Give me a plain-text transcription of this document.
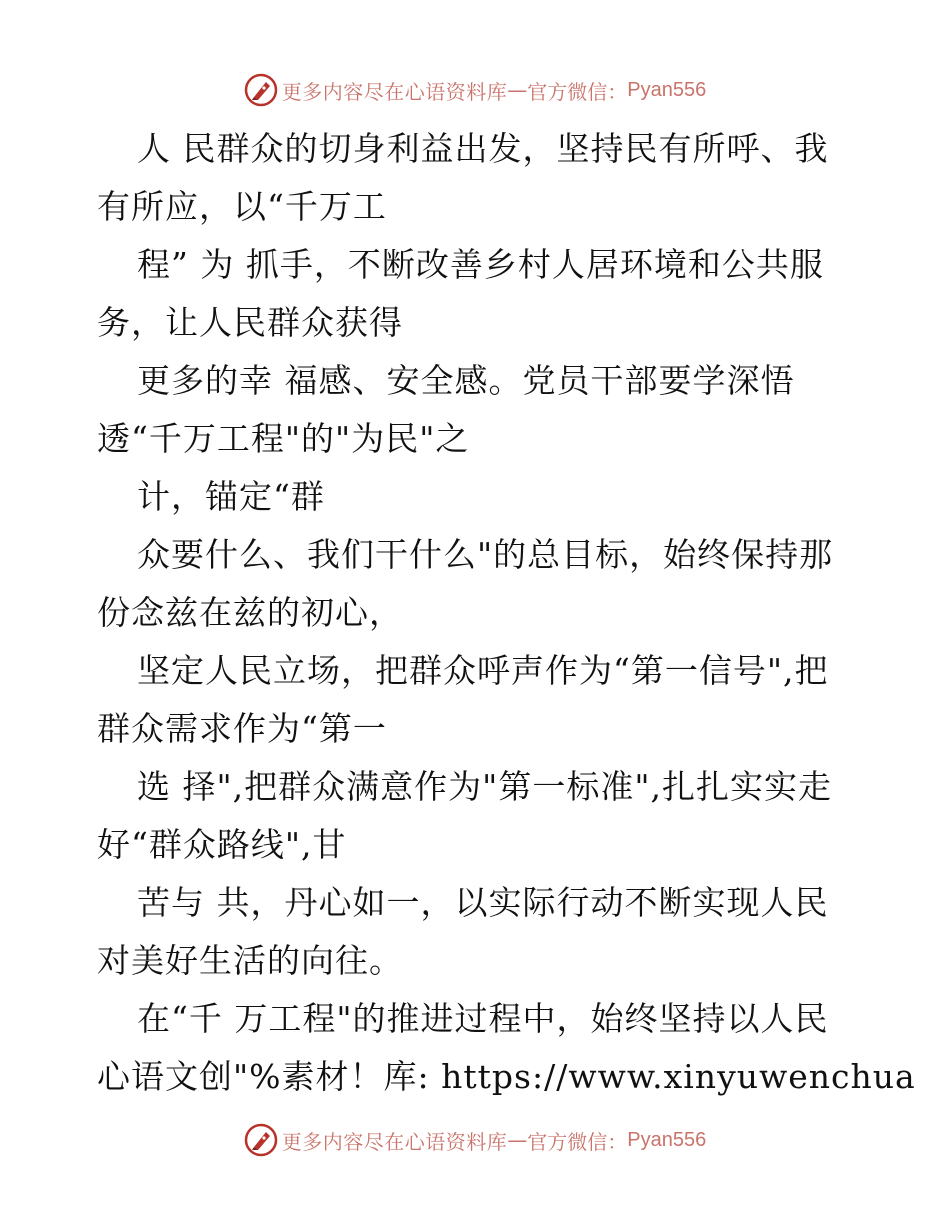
更多内容尽在心语资料库 — 官方微信： Pyan556
人 民群众的切身利益出发，坚持民有所呼、我
有所应，以“千万工
程” 为 抓手，不断改善乡村人居环境和公共服
务，让人民群众获得
更多的幸 福感、安全感。党员干部要学深悟
透“千万工程"的"为民"之
计，锚定“群
众要什么、我们干什么"的总目标，始终保持那
份念兹在兹的初心，
坚定人民立场，把群众呼声作为“第一信号",把
群众需求作为“第一
选 择",把群众满意作为"第一标准",扎扎实实走
好“群众路线",甘
苦与 共，丹心如一，以实际行动不断实现人民
对美好生活的向往。
在“千 万工程"的推进过程中，始终坚持以人民
心语文创"%素材！库: https://www.xinyuwenchua
更多内容尽在心语资料库 — 官方微信： Pyan556
